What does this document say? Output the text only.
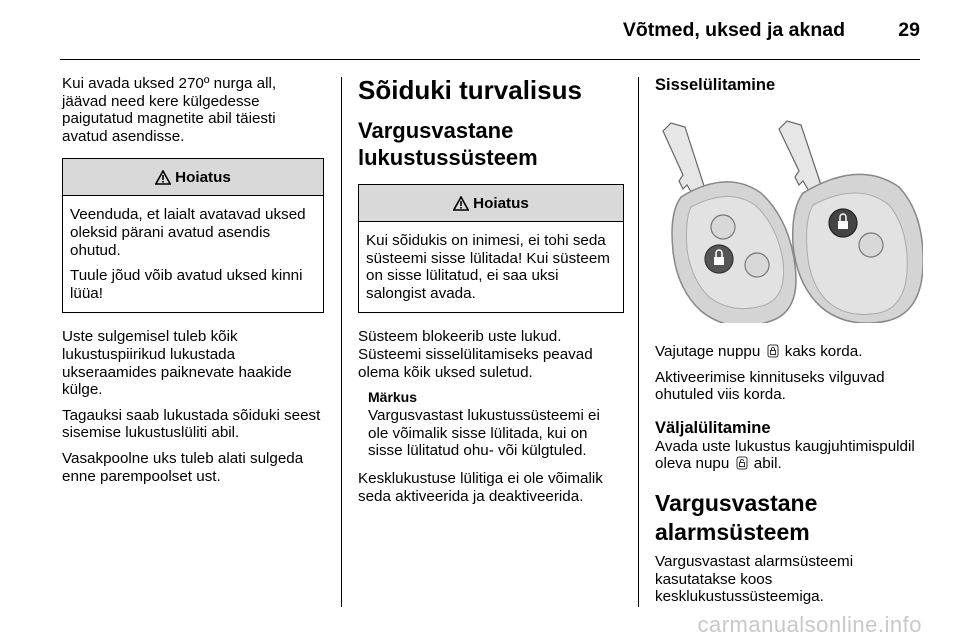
Võtmed, uksed ja aknad	29

Kui avada uksed 270º nurga all, jäävad need kere külgedesse paigutatud magnetite abil täiesti avatud asendisse.

Hoiatus

Veenduda, et laialt avatavad uksed oleksid pärani avatud asendis ohutud.

Tuule jõud võib avatud uksed kinni lüüa!

Uste sulgemisel tuleb kõik lukustuspiirikud lukustada ukseraamides paiknevate haakide külge.

Tagauksi saab lukustada sõiduki seest sisemise lukustuslüliti abil.

Vasakpoolne uks tuleb alati sulgeda enne parempoolset ust.

Sõiduki turvalisus
Vargusvastane lukustussüsteem
Hoiatus

Kui sõidukis on inimesi, ei tohi seda süsteemi sisse lülitada! Kui süsteem on sisse lülitatud, ei saa uksi salongist avada.

Süsteem blokeerib uste lukud. Süsteemi sisselülitamiseks peavad olema kõik uksed suletud.

Märkus

Vargusvastast lukustussüsteemi ei ole võimalik sisse lülitada, kui on sisse lülitatud ohu- või külgtuled.

Kesklukustuse lülitiga ei ole võimalik seda aktiveerida ja deaktiveerida.

Sisselülitamine

Vajutage nuppu kaks korda.

Aktiveerimise kinnituseks vilguvad ohutuled viis korda.

Väljalülitamine

Avada uste lukustus kaugjuhtimispuldil oleva nupu abil.

Vargusvastane alarmsüsteem

Vargusvastast alarmsüsteemi kasutatakse koos kesklukustussüsteemiga.

carmanualsonline.info
